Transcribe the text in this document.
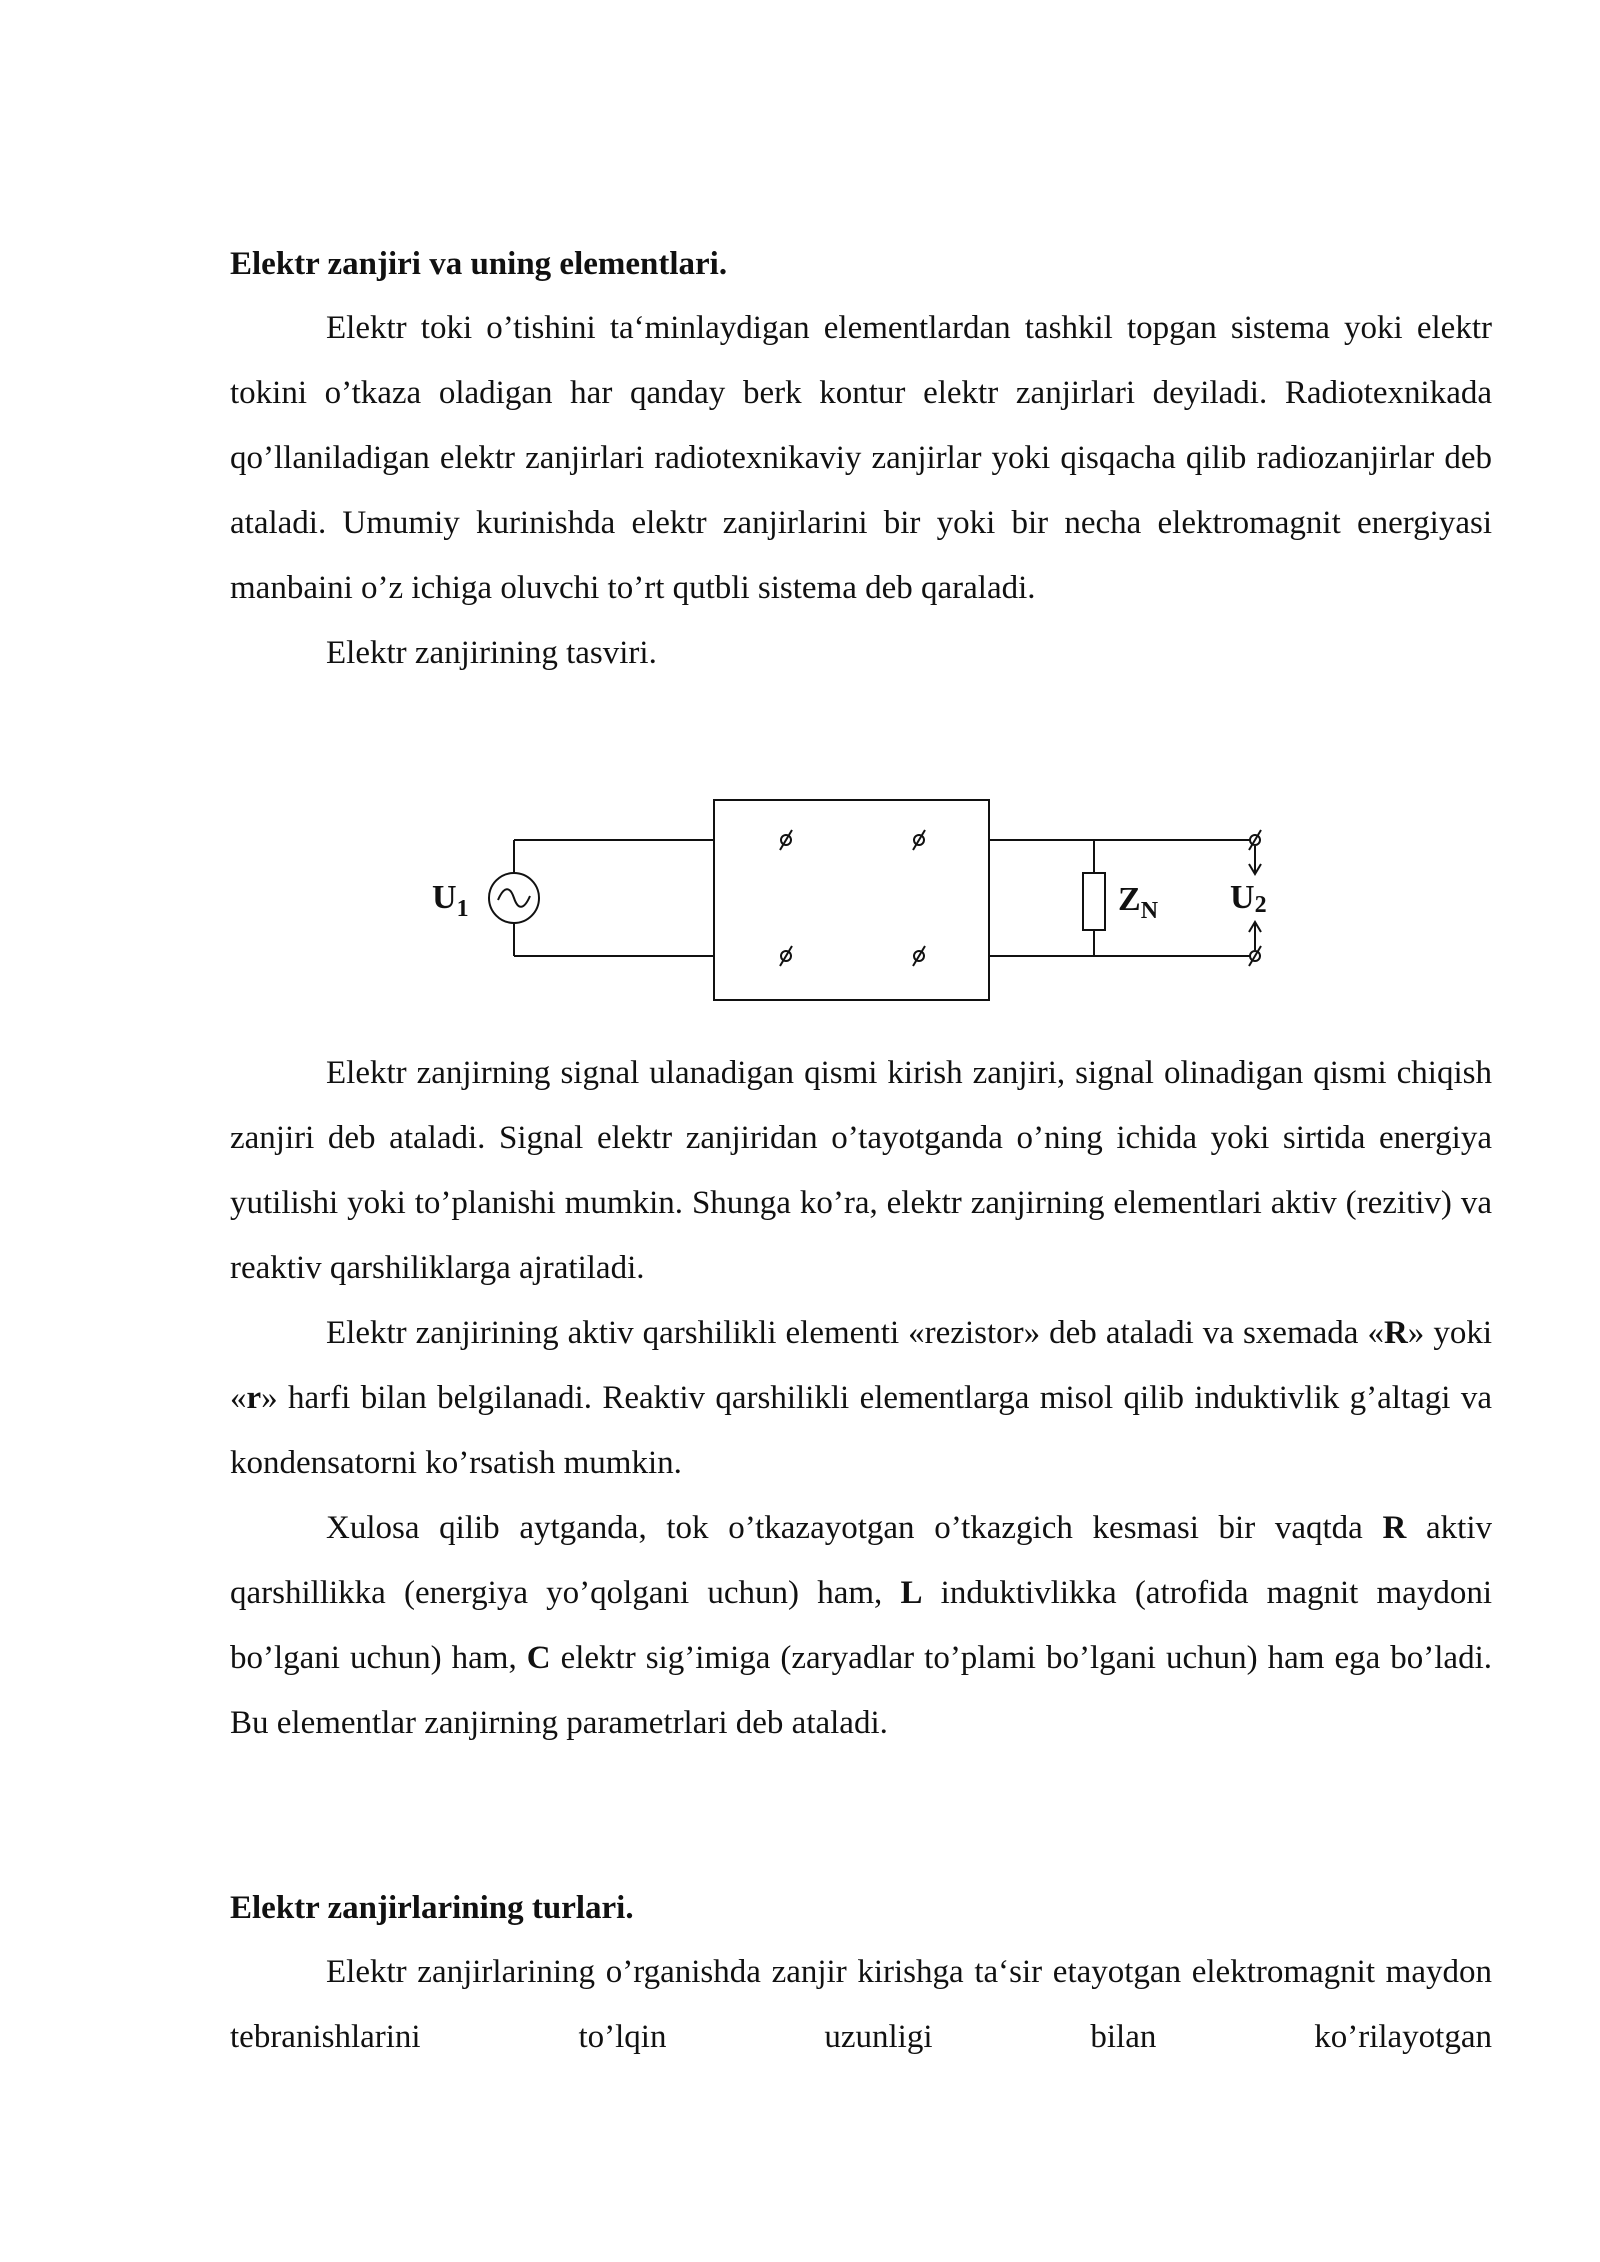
Elektr zanjiri va uning elementlari.

Elektr toki o’tishini ta‘minlaydigan elementlardan tashkil topgan sistema yoki elektr tokini o’tkaza oladigan har qanday berk kontur elektr zanjirlari deyiladi. Radiotexnikada qo’llaniladigan elektr zanjirlari radiotexnikaviy zanjirlar yoki qisqacha qilib radiozanjirlar deb ataladi. Umumiy kurinishda elektr zanjirlarini bir yoki bir necha elektromagnit energiyasi manbaini o’z ichiga oluvchi to’rt qutbli sistema deb qaraladi.

Elektr zanjirining tasviri.

$U_1$	$Z_N$ U2

Elektr zanjirning signal ulanadigan qismi kirish zanjiri, signal olinadigan qismi chiqish zanjiri deb ataladi. Signal elektr zanjiridan o’tayotganda o’ning ichida yoki sirtida energiya yutilishi yoki to’planishi mumkin. Shunga ko’ra, elektr zanjirning elementlari aktiv (rezitiv) va reaktiv qarshiliklarga ajratiladi.

Elektr zanjirining aktiv qarshilikli elementi «rezistor» deb ataladi va sxemada «R» yoki «r» harfi bilan belgilanadi. Reaktiv qarshilikli elementlarga misol qilib induktivlik g’altagi va kondensatorni ko’rsatish mumkin.

Xulosa qilib aytganda, tok o’tkazayotgan o’tkazgich kesmasi bir vaqtda R aktiv qarshillikka (energiya yo’qolgani uchun) ham, L induktivlikka (atrofida magnit maydoni bo’lgani uchun) ham, C elektr sig’imiga (zaryadlar to’plami bo’lgani uchun) ham ega bo’ladi. Bu elementlar zanjirning parametrlari deb ataladi.

Elektr zanjirlarining turlari.

Elektr zanjirlarining o’rganishda zanjir kirishga ta‘sir etayotgan elektromagnit maydon tebranishlarini to’lqin uzunligi bilan ko’rilayotgan
